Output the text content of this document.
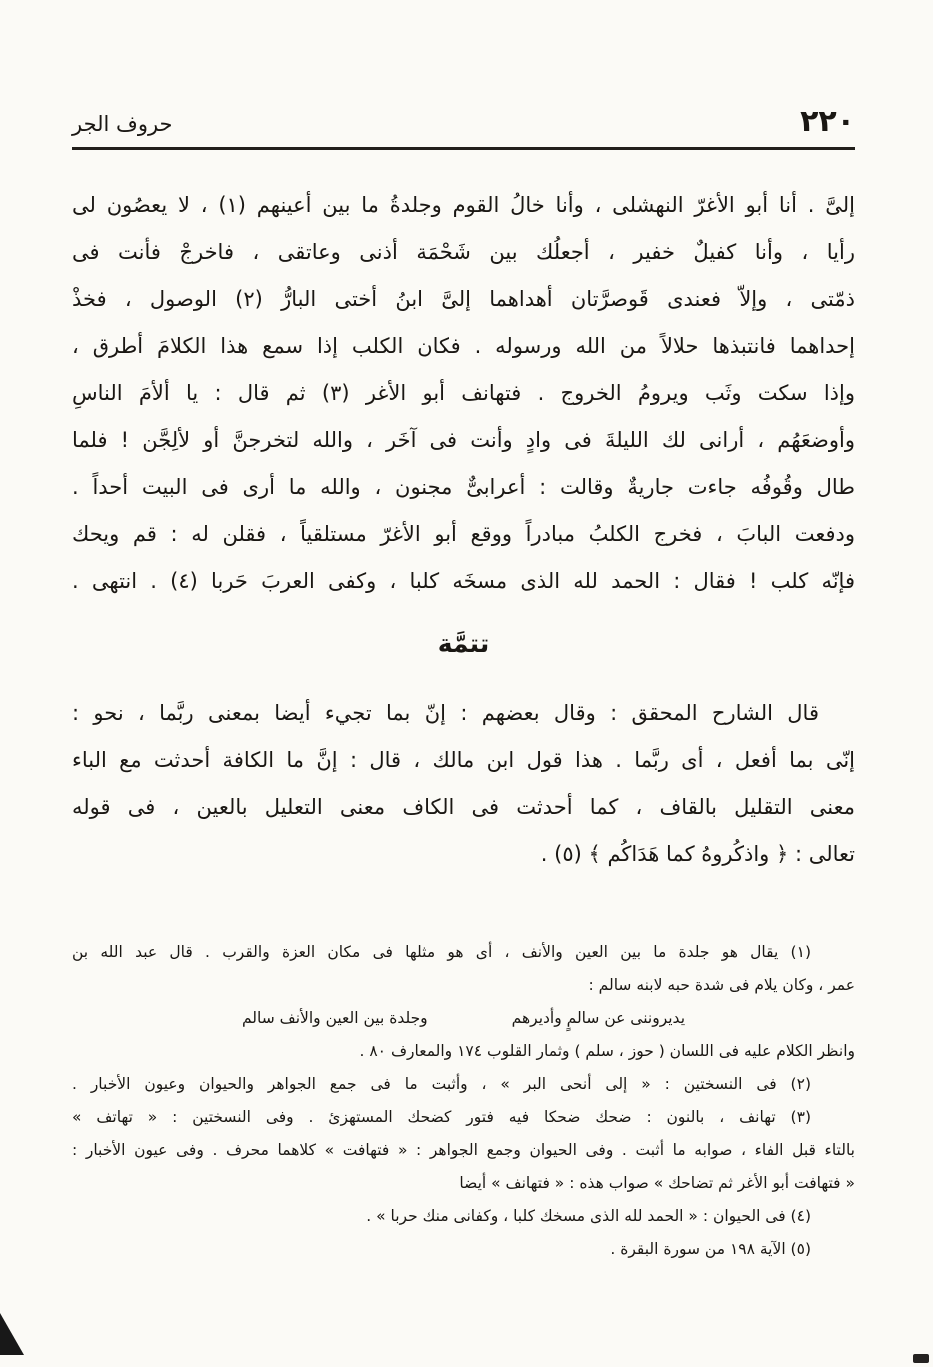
٢٢٠
حروف الجر

إلىَّ . أنا أبو الأغرّ النهشلى ، وأنا خالُ القوم وجلدةُ ما بين أعينهم (١) ، لا يعصُون لى

رأيا ، وأنا كفيلٌ خفير ، أجعلُك بين شَحْمَة أذنى وعاتقى ، فاخرجْ فأنت فى

ذمّتى ، وإلاّ فعندى قَوصرَّتان أهداهما إلىَّ ابنُ أختى البارُّ (٢) الوصول ، فخذْ

إحداهما فانتبذها حلالاً من الله ورسوله . فكان الكلب إذا سمع هذا الكلامَ أطرق ،

وإذا سكت وثَب ويرومُ الخروج . فتهانف أبو الأغر (٣) ثم قال : يا ألأمَ الناسِ

وأوضعَهُم ، أرانى لك الليلةَ فى وادٍ وأنت فى آخَر ، والله لتخرجنَّ أو لألِجَّن ! فلما

طال وقُوفُه جاءت جاريةٌ وقالت : أعرابىٌّ مجنون ، والله ما أرى فى البيت أحداً .

ودفعت البابَ ، فخرج الكلبُ مبادراً ووقع أبو الأغرّ مستلقياً ، فقلن له : قم ويحك

فإنّه كلب ! فقال : الحمد لله الذى مسخَه كلبا ، وكفى العربَ حَربا (٤) . انتهى .

تتمَّة

قال الشارح المحقق : وقال بعضهم : إنّ بما تجيء أيضا بمعنى ربَّما ، نحو :

إنّى بما أفعل ، أى ربَّما . هذا قول ابن مالك ، قال : إنَّ ما الكافة أحدثت مع الباء

معنى التقليل بالقاف ، كما أحدثت فى الكاف معنى التعليل بالعين ، فى قوله

تعالى : ﴿ واذكُروهُ كما هَدَاكُم ﴾ (٥) .

(١) يقال هو جلدة ما بين العين والأنف ، أى هو مثلها فى مكان العزة والقرب . قال عبد الله بن

عمر ، وكان يلام فى شدة حبه لابنه سالم :

يديروننى عن سالمٍ وأديرهم
وجلدة بين العين والأنف سالم

وانظر الكلام عليه فى اللسان ( حوز ، سلم ) وثمار القلوب ١٧٤ والمعارف ٨٠ .

(٢) فى النسختين : « إلى أنحى البر » ، وأثبت ما فى جمع الجواهر والحيوان وعيون الأخبار .

(٣) تهانف ، بالنون : ضحك ضحكا فيه فتور كضحك المستهزئ . وفى النسختين : « تهاتف »

بالتاء قبل الفاء ، صوابه ما أثبت . وفى الحيوان وجمع الجواهر : « فتهافت » كلاهما محرف . وفى عيون الأخبار :

« فتهافت أبو الأغر ثم تضاحك » صواب هذه : « فتهانف » أيضا

(٤) فى الحيوان : « الحمد لله الذى مسخك كلبا ، وكفانى منك حربا » .

(٥) الآية ١٩٨ من سورة البقرة .
